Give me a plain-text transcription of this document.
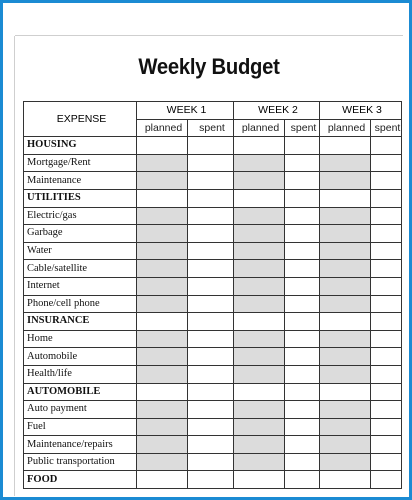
Weekly Budget
EXPENSE	WEEK 1		WEEK 2		WEEK 3	
	planned	spent	planned	spent	planned	spent
HOUSING						
Mortgage/Rent						
Maintenance						
UTILITIES						
Electric/gas						
Garbage						
Water						
Cable/satellite						
Internet						
Phone/cell phone						
INSURANCE						
Home						
Automobile						
Health/life						
AUTOMOBILE						
Auto payment						
Fuel						
Maintenance/repairs						
Public transportation						
FOOD						
